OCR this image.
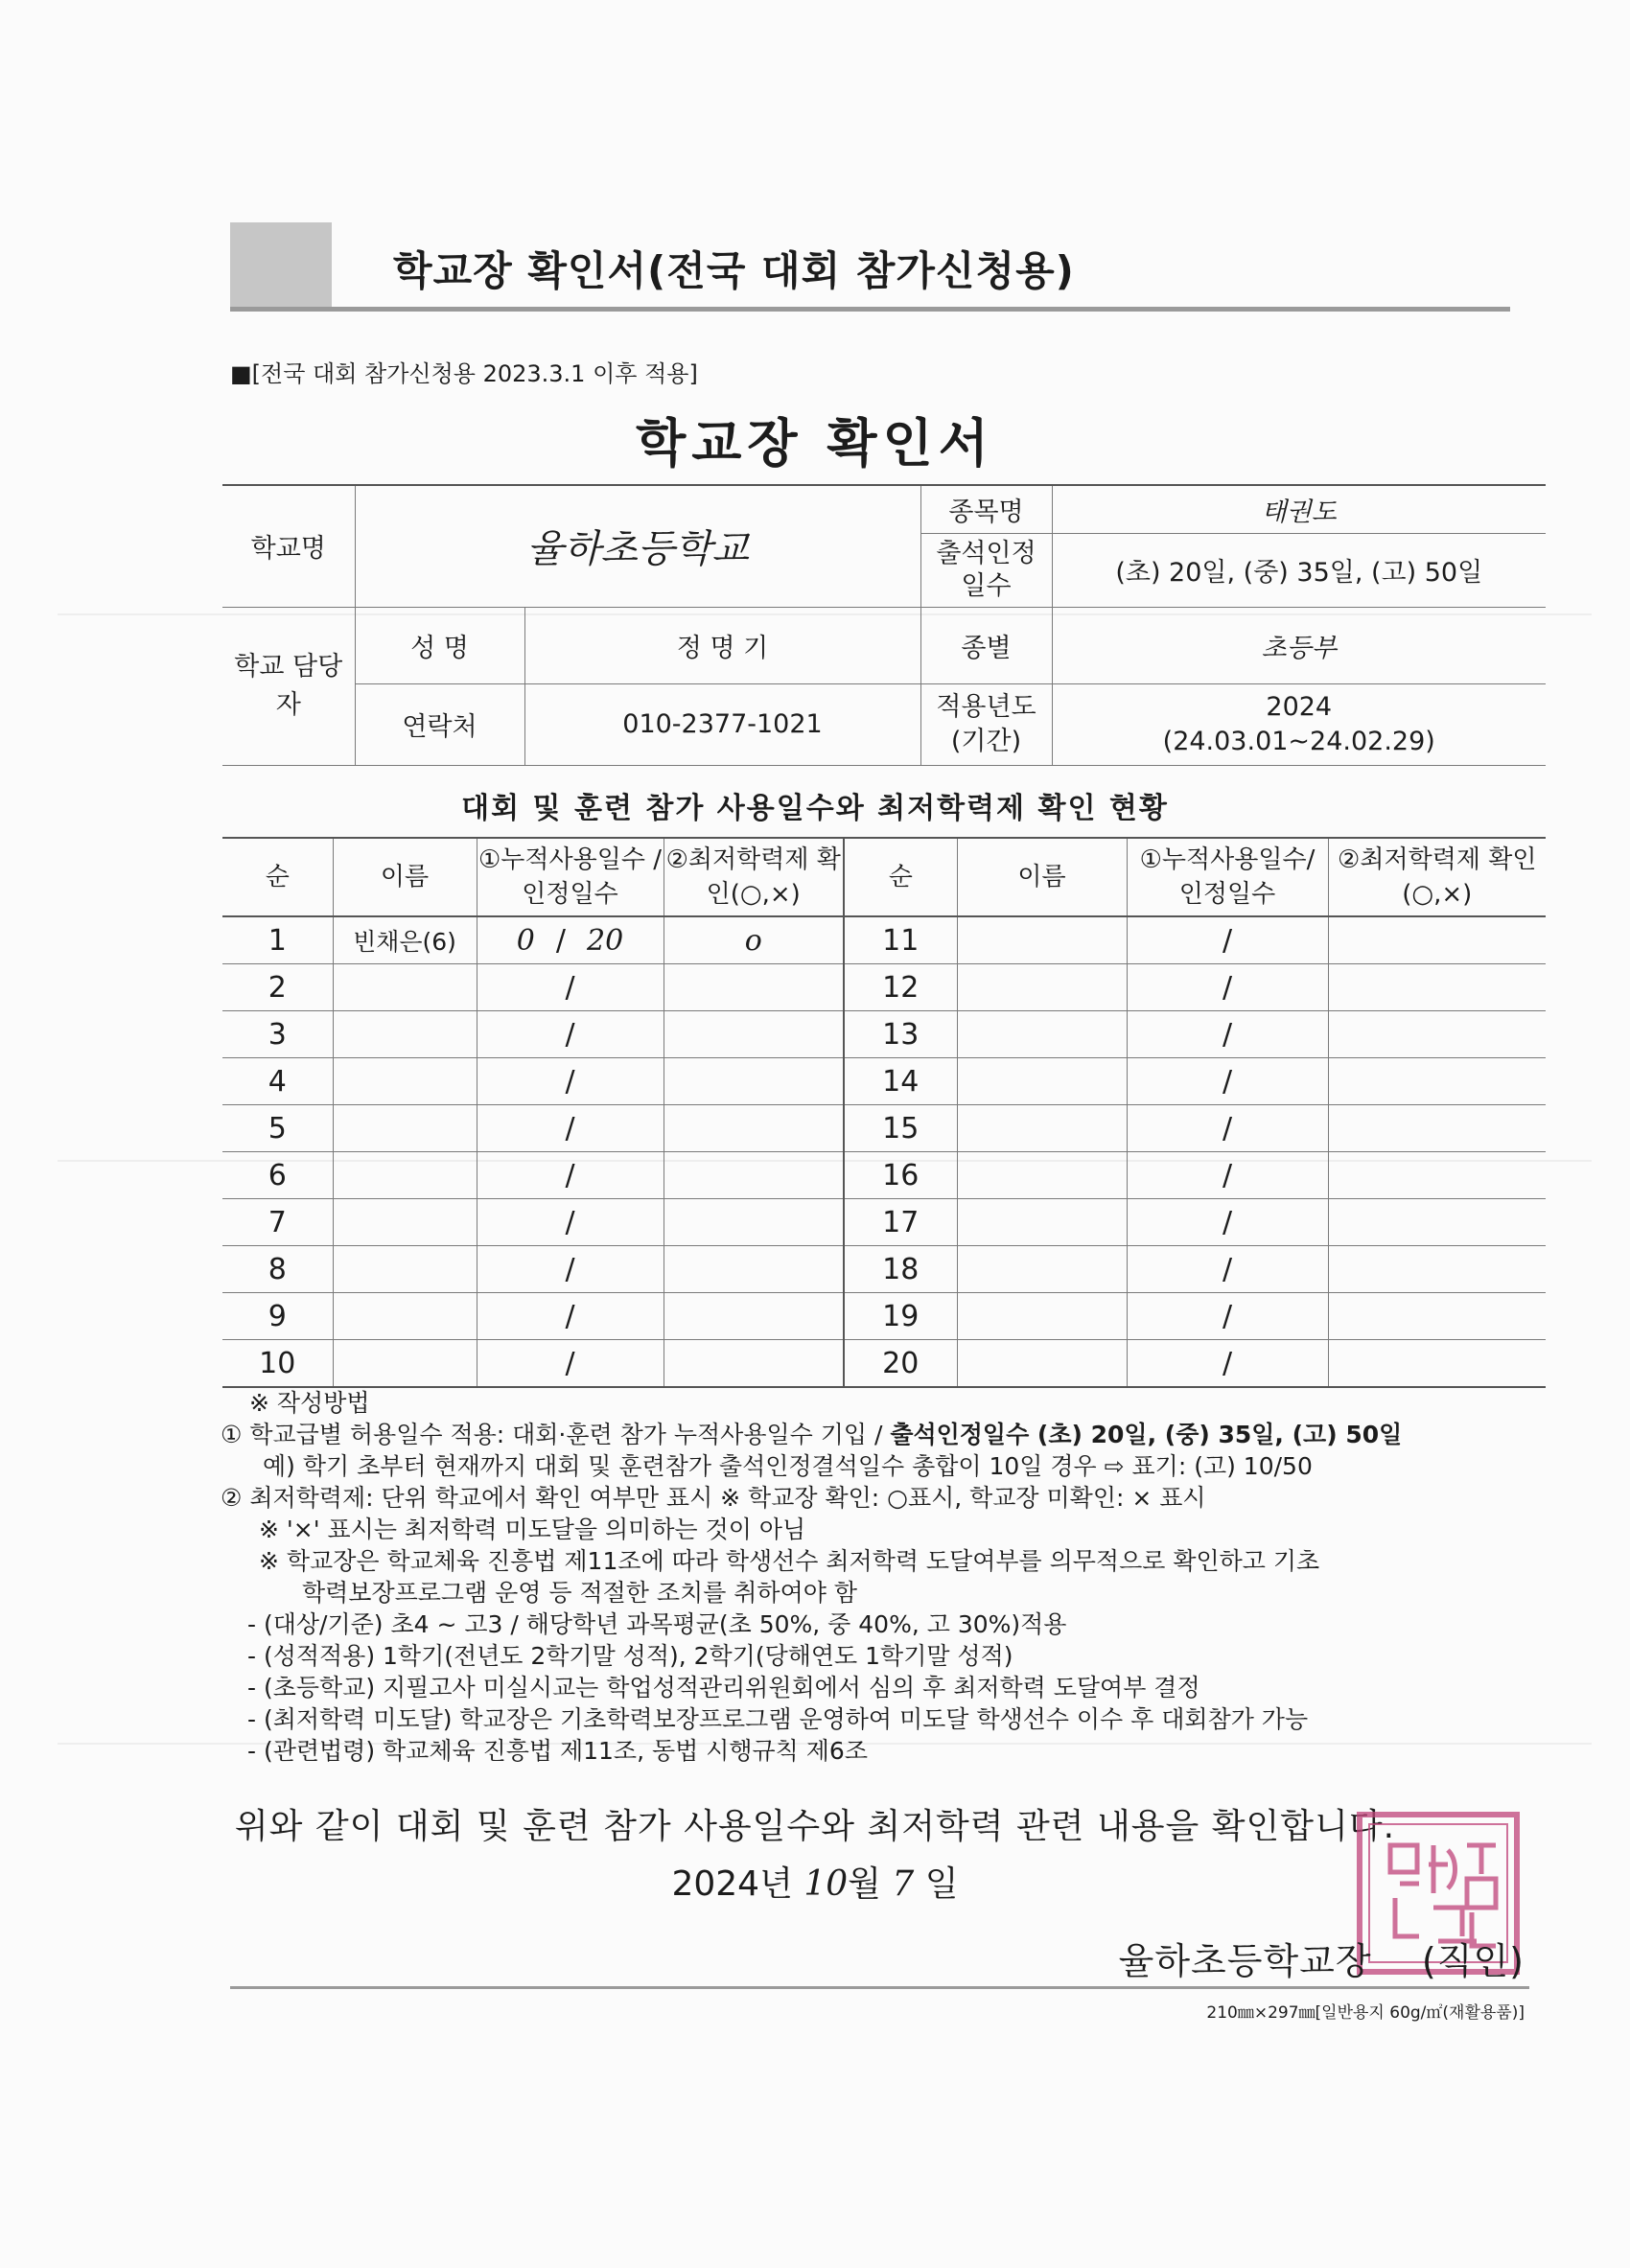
학교장 확인서(전국 대회 참가신청용)
■[전국 대회 참가신청용 2023.3.1 이후 적용]
학교장 확인서
학교명	율하초등학교		종목명	태권도
			출석인정 일수	(초) 20일, (중) 35일, (고) 50일
학교 담당자	성 명	정 명 기	종별	초등부
	연락처	010-2377-1021	적용년도 (기간)	2024
(24.03.01~24.02.29)
대회 및 훈련 참가 사용일수와 최저학력제 확인 현황
순	이름	①누적사용일수 /인정일수	②최저학력제 확인(○,×)	순	이름	①누적사용일수/ 인정일수	②최저학력제 확인(○,×)
1	빈채은(6)	0 / 20	o	11		/	
2		/		12		/	
3		/		13		/	
4		/		14		/	
5		/		15		/	
6		/		16		/	
7		/		17		/	
8		/		18		/	
9		/		19		/	
10		/		20		/	
※ 작성방법
① 학교급별 허용일수 적용: 대회·훈련 참가 누적사용일수 기입 / 출석인정일수 (초) 20일, (중) 35일, (고) 50일
예) 학기 초부터 현재까지 대회 및 훈련참가 출석인정결석일수 총합이 10일 경우 ⇨ 표기: (고) 10/50
② 최저학력제: 단위 학교에서 확인 여부만 표시 ※ 학교장 확인: ○표시, 학교장 미확인: × 표시
※ '×' 표시는 최저학력 미도달을 의미하는 것이 아님
※ 학교장은 학교체육 진흥법 제11조에 따라 학생선수 최저학력 도달여부를 의무적으로 확인하고 기초
학력보장프로그램 운영 등 적절한 조치를 취하여야 함
- (대상/기준) 초4 ~ 고3 / 해당학년 과목평균(초 50%, 중 40%, 고 30%)적용
- (성적적용) 1학기(전년도 2학기말 성적), 2학기(당해연도 1학기말 성적)
- (초등학교) 지필고사 미실시교는 학업성적관리위원회에서 심의 후 최저학력 도달여부 결정
- (최저학력 미도달) 학교장은 기초학력보장프로그램 운영하여 미도달 학생선수 이수 후 대회참가 가능
- (관련법령) 학교체육 진흥법 제11조, 동법 시행규칙 제6조
위와 같이 대회 및 훈련 참가 사용일수와 최저학력 관련 내용을 확인합니다.
2024년 10월 7 일
율하초등학교장 (직인)
210㎜×297㎜[일반용지 60g/㎡(재활용품)]
